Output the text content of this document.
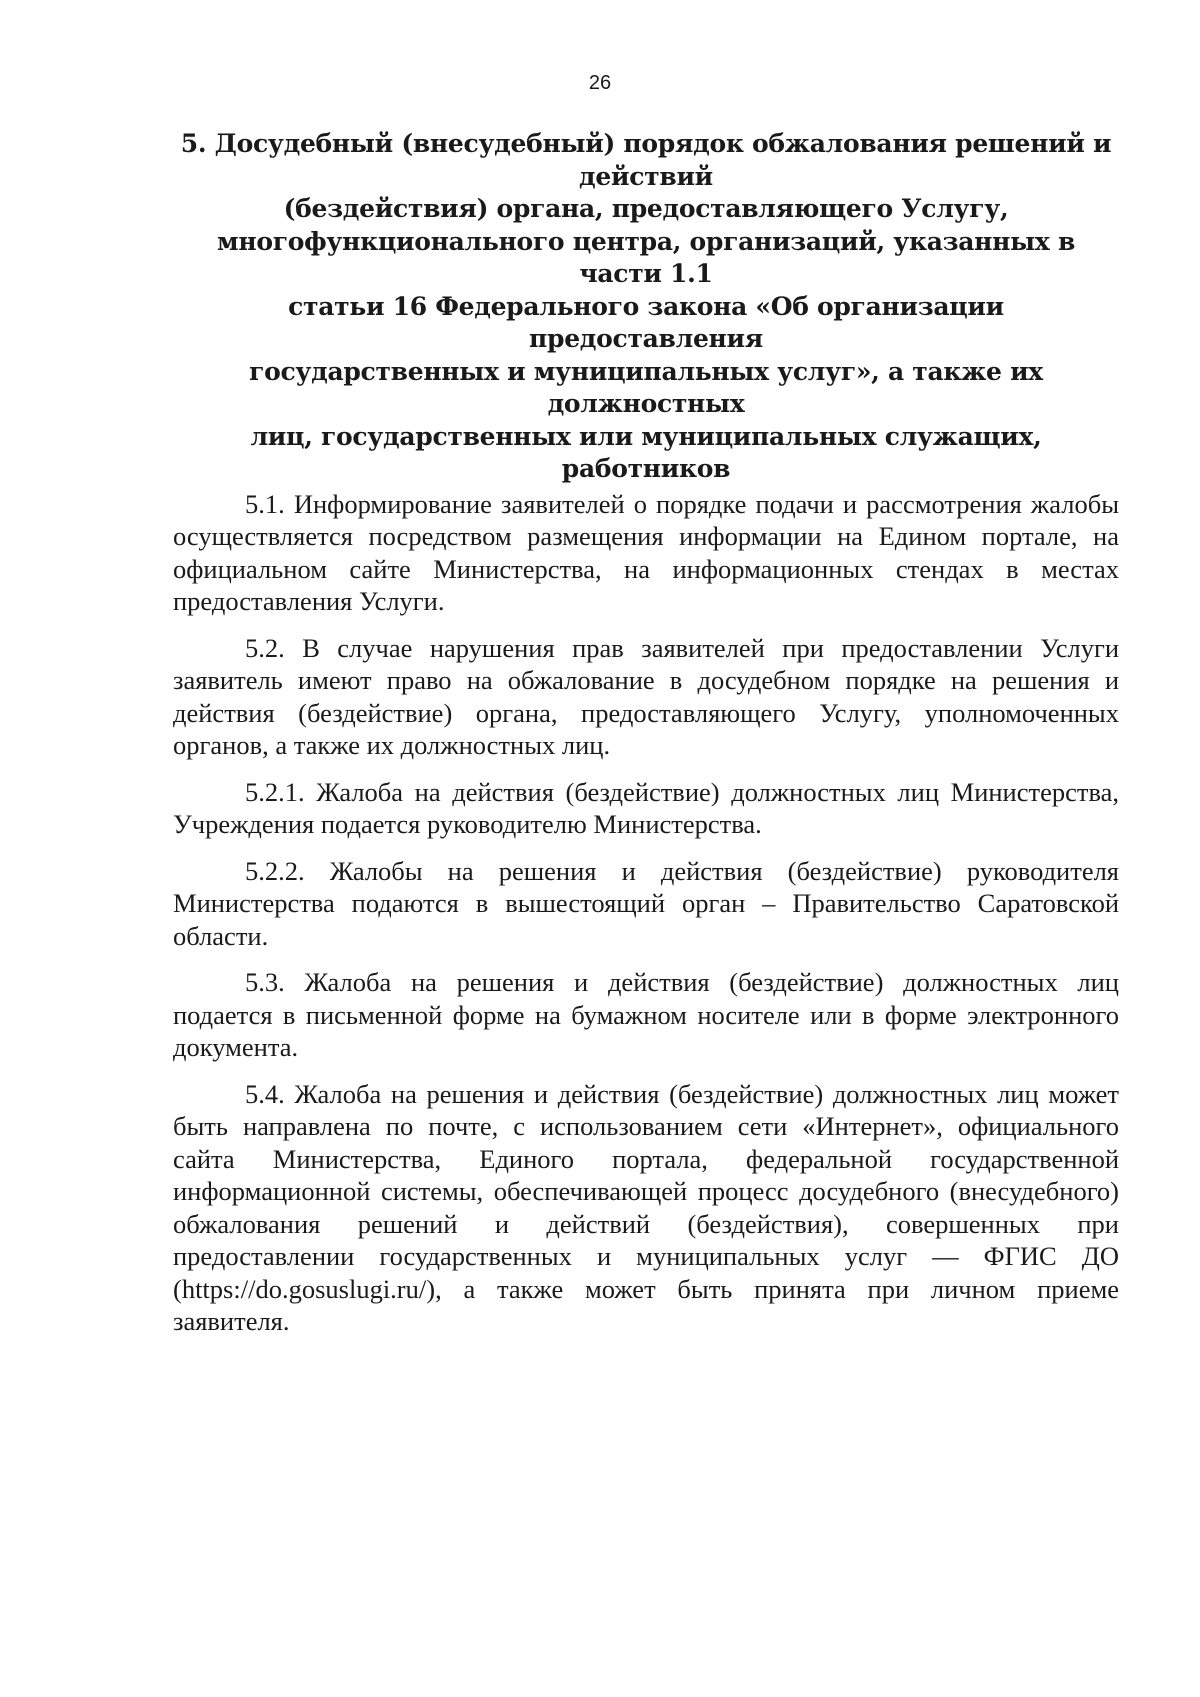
26
5. Досудебный (внесудебный) порядок обжалования решений и действий
(бездействия) органа, предоставляющего Услугу,
многофункционального центра, организаций, указанных в части 1.1
статьи 16 Федерального закона «Об организации предоставления
государственных и муниципальных услуг», а также их должностных
лиц, государственных или муниципальных служащих, работников

5.1. Информирование заявителей о порядке подачи и рассмотрения жалобы осуществляется посредством размещения информации на Едином портале, на официальном сайте Министерства, на информационных стендах в местах предоставления Услуги.

5.2. В случае нарушения прав заявителей при предоставлении Услуги заявитель имеют право на обжалование в досудебном порядке на решения и действия (бездействие) органа, предоставляющего Услугу, уполномоченных органов, а также их должностных лиц.

5.2.1. Жалоба на действия (бездействие) должностных лиц Министерства, Учреждения подается руководителю Министерства.

5.2.2. Жалобы на решения и действия (бездействие) руководителя Министерства подаются в вышестоящий орган – Правительство Саратовской области.

5.3. Жалоба на решения и действия (бездействие) должностных лиц подается в письменной форме на бумажном носителе или в форме электронного документа.

5.4. Жалоба на решения и действия (бездействие) должностных лиц может быть направлена по почте, с использованием сети «Интернет», официального сайта Министерства, Единого портала, федеральной государственной информационной системы, обеспечивающей процесс досудебного (внесудебного) обжалования решений и действий (бездействия), совершенных при предоставлении государственных и муниципальных услуг — ФГИС ДО (https://do.gosuslugi.ru/), а также может быть принята при личном приеме заявителя.
